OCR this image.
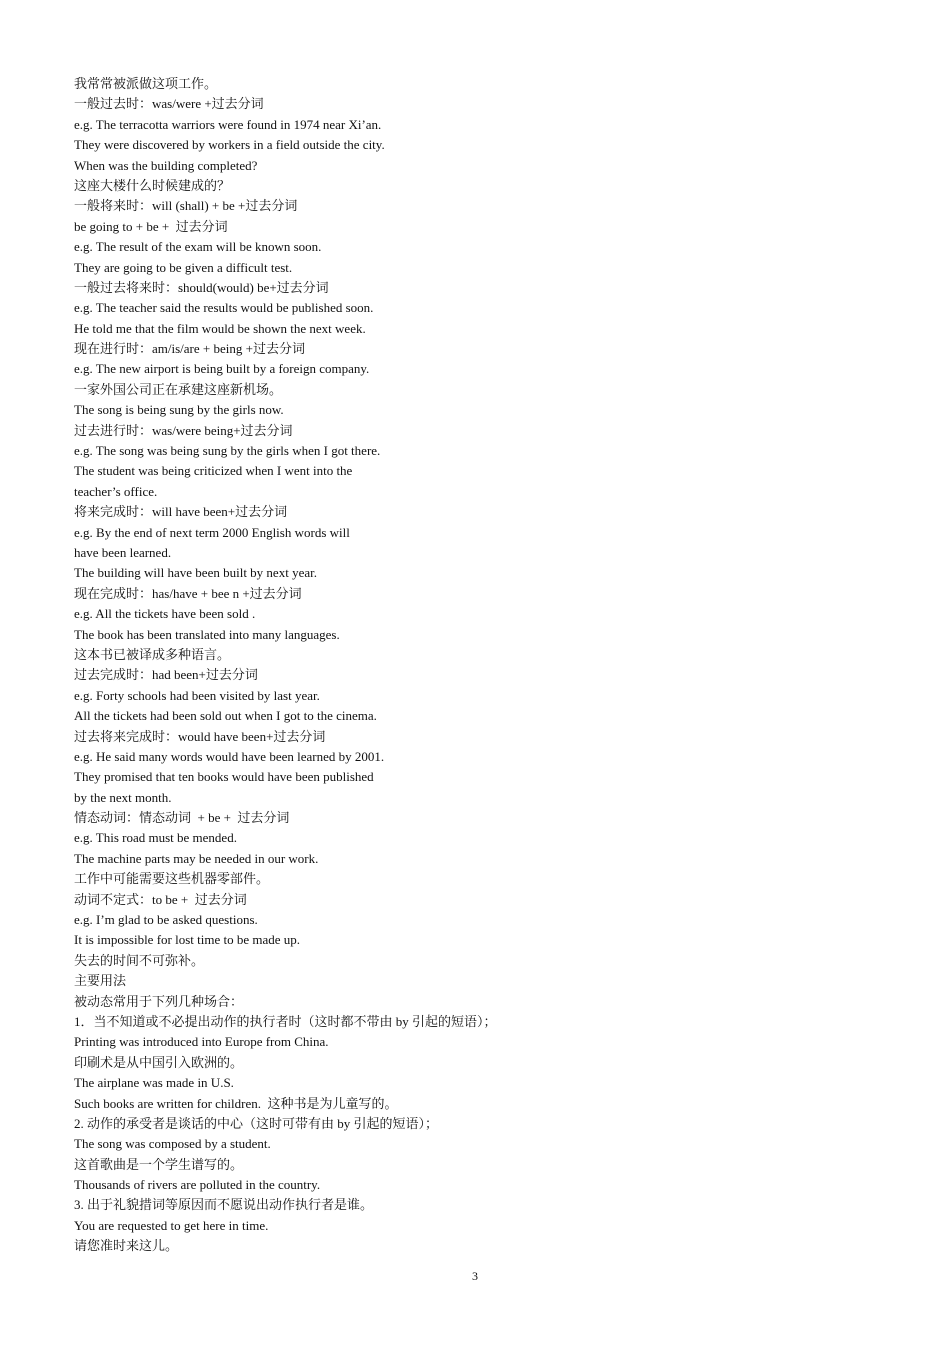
我常常被派做这项工作。
一般过去时：was/were +过去分词
e.g. The terracotta warriors were found in 1974 near Xi’an.
They were discovered by workers in a field outside the city.
When was the building completed?
这座大楼什么时候建成的？
一般将来时：will (shall) + be +过去分词
be going to + be +  过去分词
e.g. The result of the exam will be known soon.
They are going to be given a difficult test.
一般过去将来时：should(would) be+过去分词
e.g. The teacher said the results would be published soon.
He told me that the film would be shown the next week.
现在进行时：am/is/are + being +过去分词
e.g. The new airport is being built by a foreign company.
一家外国公司正在承建这座新机场。
The song is being sung by the girls now.
过去进行时：was/were being+过去分词
e.g. The song was being sung by the girls when I got there.
The student was being criticized when I went into the
teacher’s office.
将来完成时：will have been+过去分词
e.g. By the end of next term 2000 English words will
have been learned.
The building will have been built by next year.
现在完成时：has/have + bee n +过去分词
e.g. All the tickets have been sold .
The book has been translated into many languages.
这本书已被译成多种语言。
过去完成时：had been+过去分词
e.g. Forty schools had been visited by last year.
All the tickets had been sold out when I got to the cinema.
过去将来完成时：would have been+过去分词
e.g. He said many words would have been learned by 2001.
They promised that ten books would have been published
by the next month.
情态动词：情态动词  + be +  过去分词
e.g. This road must be mended.
The machine parts may be needed in our work.
工作中可能需要这些机器零部件。
动词不定式：to be +  过去分词
e.g. I’m glad to be asked questions.
It is impossible for lost time to be made up.
失去的时间不可弥补。
主要用法
被动态常用于下列几种场合：
1．当不知道或不必提出动作的执行者时（这时都不带由 by 引起的短语）；
Printing was introduced into Europe from China.
印刷术是从中国引入欧洲的。
The airplane was made in U.S.
Such books are written for children.  这种书是为儿童写的。
2. 动作的承受者是谈话的中心（这时可带有由 by 引起的短语）；
The song was composed by a student.
这首歌曲是一个学生谱写的。
Thousands of rivers are polluted in the country.
3. 出于礼貌措词等原因而不愿说出动作执行者是谁。
You are requested to get here in time.
请您准时来这儿。
3
